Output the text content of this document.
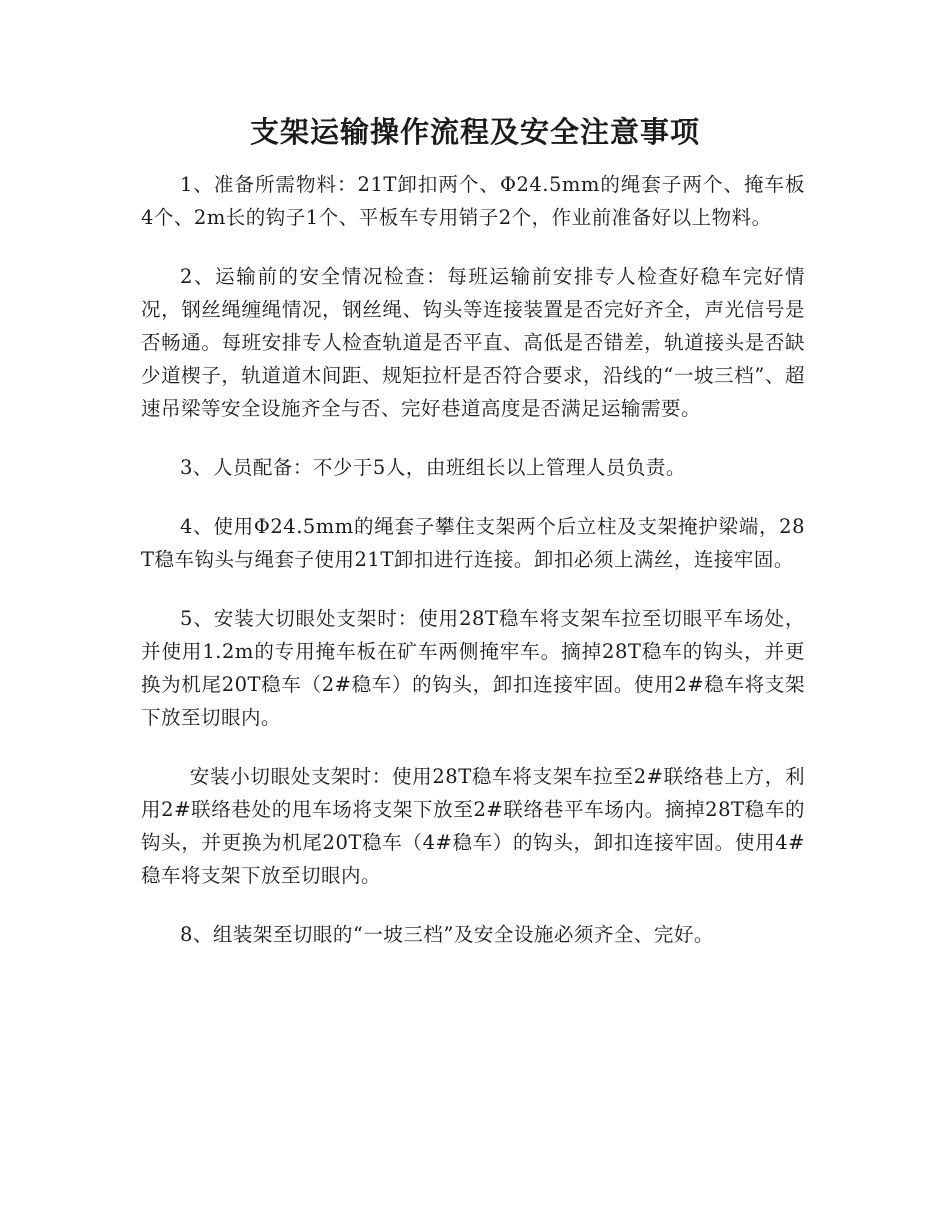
支架运输操作流程及安全注意事项

1、准备所需物料：21T卸扣两个、Φ24.5mm的绳套子两个、掩车板4个、2m长的钩子1个、平板车专用销子2个，作业前准备好以上物料。

2、运输前的安全情况检查：每班运输前安排专人检查好稳车完好情况，钢丝绳缠绳情况，钢丝绳、钩头等连接装置是否完好齐全，声光信号是否畅通。每班安排专人检查轨道是否平直、高低是否错差，轨道接头是否缺少道楔子，轨道道木间距、规矩拉杆是否符合要求，沿线的“一坡三档”、超速吊梁等安全设施齐全与否、完好巷道高度是否满足运输需要。

3、人员配备：不少于5人，由班组长以上管理人员负责。

4、使用Φ24.5mm的绳套子攀住支架两个后立柱及支架掩护梁端，28T稳车钩头与绳套子使用21T卸扣进行连接。卸扣必须上满丝，连接牢固。

5、安装大切眼处支架时：使用28T稳车将支架车拉至切眼平车场处，并使用1.2m的专用掩车板在矿车两侧掩牢车。摘掉28T稳车的钩头，并更换为机尾20T稳车（2#稳车）的钩头，卸扣连接牢固。使用2#稳车将支架下放至切眼内。

安装小切眼处支架时：使用28T稳车将支架车拉至2#联络巷上方，利用2#联络巷处的甩车场将支架下放至2#联络巷平车场内。摘掉28T稳车的钩头，并更换为机尾20T稳车（4#稳车）的钩头，卸扣连接牢固。使用4#稳车将支架下放至切眼内。

8、组装架至切眼的“一坡三档”及安全设施必须齐全、完好。
